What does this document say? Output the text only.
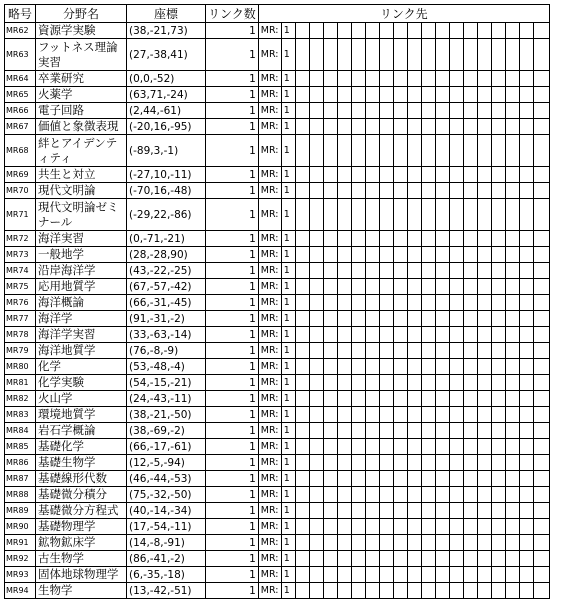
略号	分野名	座標	リンク数	リンク先																			
MR62	資源学実験	(38,-21,73)	1	MR:	1																		
MR63	フットネス理論実習	(27,-38,41)	1	MR:	1																		
MR64	卒業研究	(0,0,-52)	1	MR:	1																		
MR65	火薬学	(63,71,-24)	1	MR:	1																		
MR66	電子回路	(2,44,-61)	1	MR:	1																		
MR67	価値と象徴表現	(-20,16,-95)	1	MR:	1																		
MR68	絆とアイデンティティ	(-89,3,-1)	1	MR:	1																		
MR69	共生と対立	(-27,10,-11)	1	MR:	1																		
MR70	現代文明論	(-70,16,-48)	1	MR:	1																		
MR71	現代文明論ゼミナール	(-29,22,-86)	1	MR:	1																		
MR72	海洋実習	(0,-71,-21)	1	MR:	1																		
MR73	一般地学	(28,-28,90)	1	MR:	1																		
MR74	沿岸海洋学	(43,-22,-25)	1	MR:	1																		
MR75	応用地質学	(67,-57,-42)	1	MR:	1																		
MR76	海洋概論	(66,-31,-45)	1	MR:	1																		
MR77	海洋学	(91,-31,-2)	1	MR:	1																		
MR78	海洋学実習	(33,-63,-14)	1	MR:	1																		
MR79	海洋地質学	(76,-8,-9)	1	MR:	1																		
MR80	化学	(53,-48,-4)	1	MR:	1																		
MR81	化学実験	(54,-15,-21)	1	MR:	1																		
MR82	火山学	(24,-43,-11)	1	MR:	1																		
MR83	環境地質学	(38,-21,-50)	1	MR:	1																		
MR84	岩石学概論	(38,-69,-2)	1	MR:	1																		
MR85	基礎化学	(66,-17,-61)	1	MR:	1																		
MR86	基礎生物学	(12,-5,-94)	1	MR:	1																		
MR87	基礎線形代数	(46,-44,-53)	1	MR:	1																		
MR88	基礎微分積分	(75,-32,-50)	1	MR:	1																		
MR89	基礎微分方程式	(40,-14,-34)	1	MR:	1																		
MR90	基礎物理学	(17,-54,-11)	1	MR:	1																		
MR91	鉱物鉱床学	(14,-8,-91)	1	MR:	1																		
MR92	古生物学	(86,-41,-2)	1	MR:	1																		
MR93	固体地球物理学	(6,-35,-18)	1	MR:	1																		
MR94	生物学	(13,-42,-51)	1	MR:	1																		
